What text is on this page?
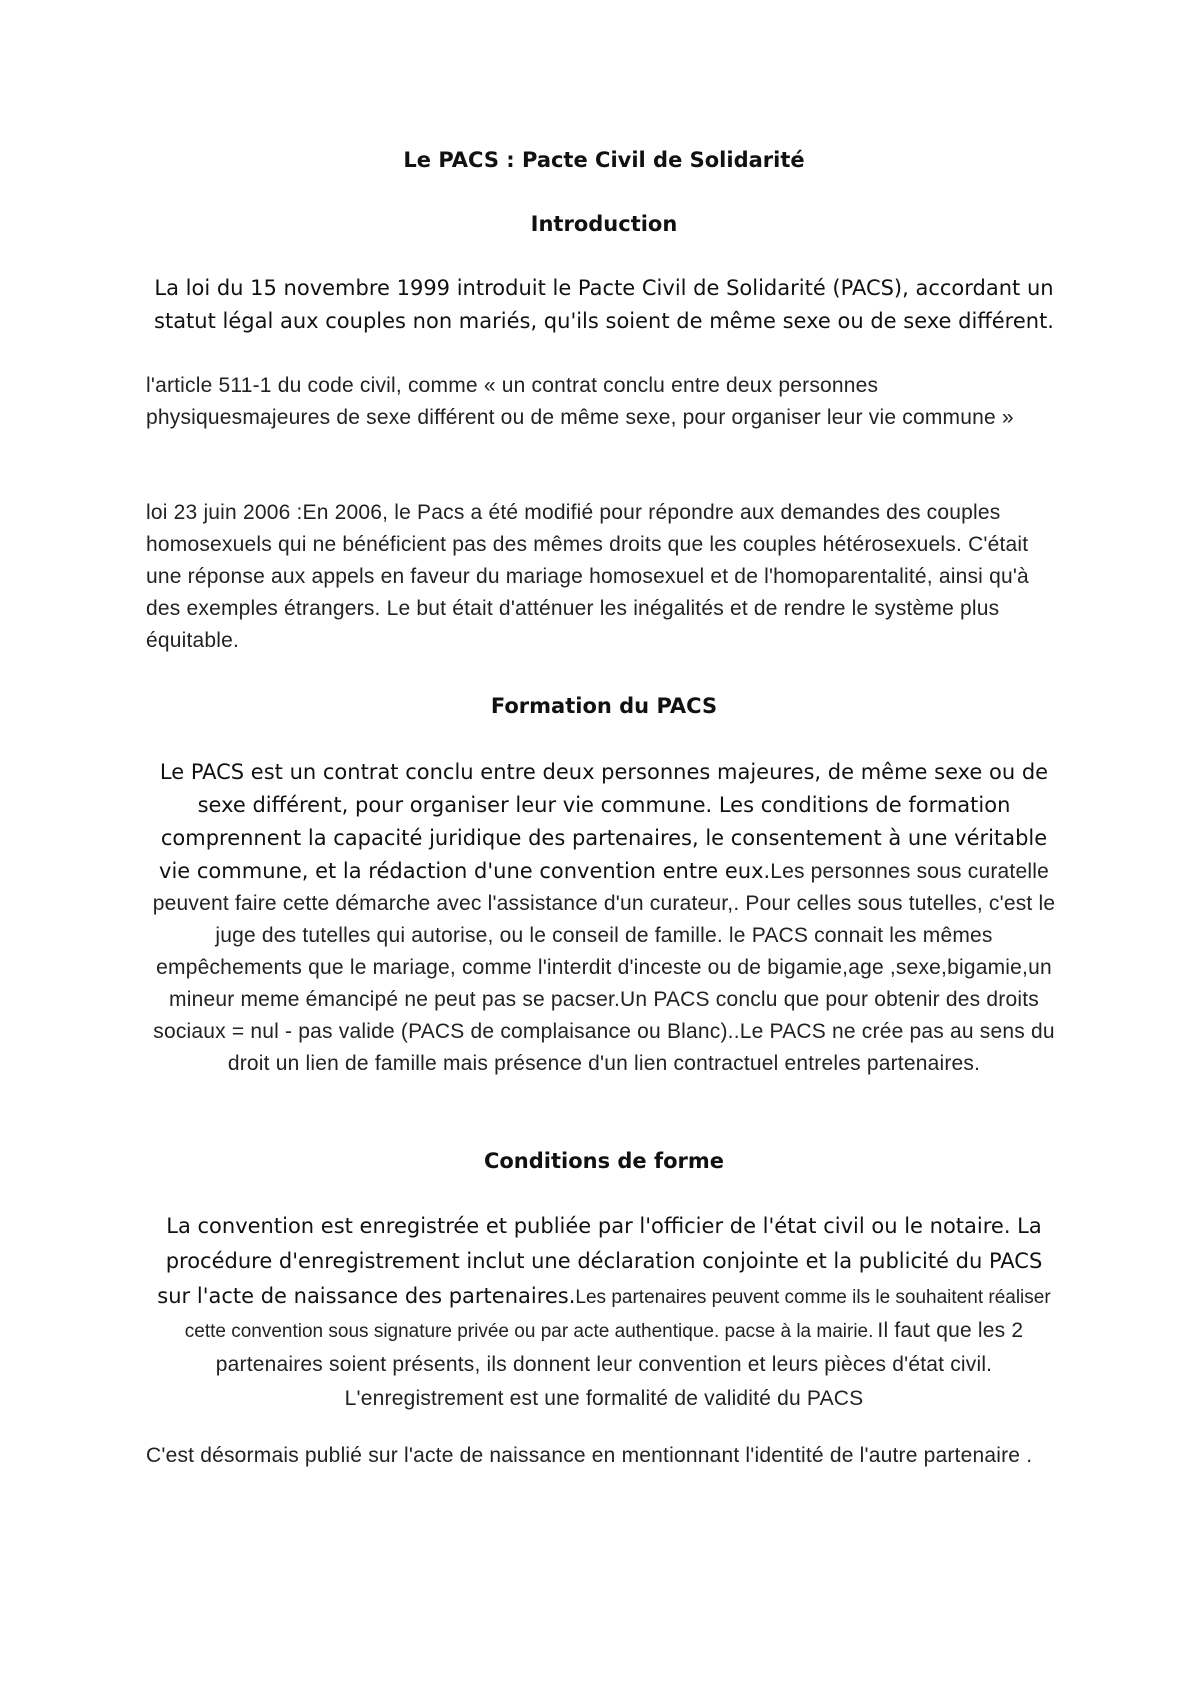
Le PACS : Pacte Civil de Solidarité
Introduction

La loi du 15 novembre 1999 introduit le Pacte Civil de Solidarité (PACS), accordant un statut légal aux couples non mariés, qu'ils soient de même sexe ou de sexe différent.

l'article 511-1 du code civil, comme « un contrat conclu entre deux personnes physiquesmajeures de sexe différent ou de même sexe, pour organiser leur vie commune »

loi 23 juin 2006 :En 2006, le Pacs a été modifié pour répondre aux demandes des couples homosexuels qui ne bénéficient pas des mêmes droits que les couples hétérosexuels. C'était une réponse aux appels en faveur du mariage homosexuel et de l'homoparentalité, ainsi qu'à des exemples étrangers. Le but était d'atténuer les inégalités et de rendre le système plus équitable.

Formation du PACS

Le PACS est un contrat conclu entre deux personnes majeures, de même sexe ou de sexe différent, pour organiser leur vie commune. Les conditions de formation comprennent la capacité juridique des partenaires, le consentement à une véritable vie commune, et la rédaction d'une convention entre eux.Les personnes sous curatelle peuvent faire cette démarche avec l'assistance d'un curateur,. Pour celles sous tutelles, c'est le juge des tutelles qui autorise, ou le conseil de famille. le PACS connait les mêmes empêchements que le mariage, comme l'interdit d'inceste ou de bigamie,age ,sexe,bigamie,un mineur meme émancipé ne peut pas se pacser.Un PACS conclu que pour obtenir des droits sociaux = nul - pas valide (PACS de complaisance ou Blanc)..Le PACS ne crée pas au sens du droit un lien de famille mais présence d'un lien contractuel entreles partenaires.

Conditions de forme

La convention est enregistrée et publiée par l'officier de l'état civil ou le notaire. La procédure d'enregistrement inclut une déclaration conjointe et la publicité du PACS sur l'acte de naissance des partenaires.Les partenaires peuvent comme ils le souhaitent réaliser cette convention sous signature privée ou par acte authentique. pacse à la mairie. Il faut que les 2 partenaires soient présents, ils donnent leur convention et leurs pièces d'état civil. L'enregistrement est une formalité de validité du PACS

C'est désormais publié sur l'acte de naissance en mentionnant l'identité de l'autre partenaire .
